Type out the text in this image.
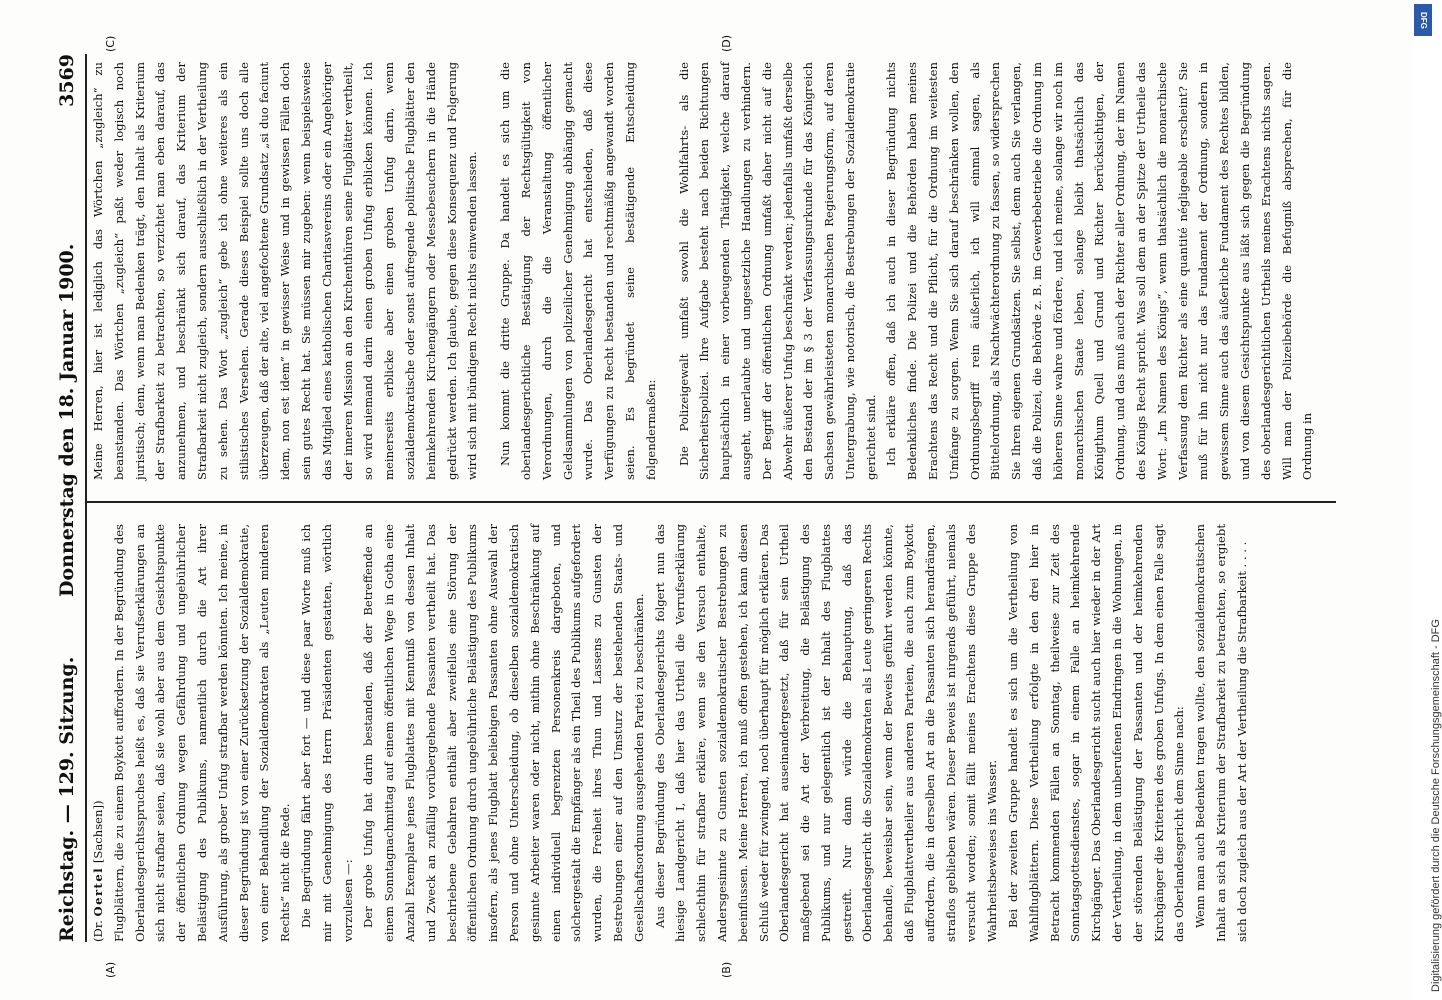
Reichstag. — 129. Sitzung.
Donnerstag den 18. Januar 1900.
3569
(A)	(B)
(C)	(D)

(Dr. Oertel [Sachsen]) Flugblättern, die zu einem Boykott auffordern. In der Begründung des Oberlandesgerichtsspruches heißt es, daß sie Verrufserklärungen an sich nicht strafbar seien, daß sie wohl aber aus dem Gesichtspunkte der öffentlichen Ordnung wegen Gefährdung und ungebührlicher Belästigung des Publikums, namentlich durch die Art ihrer Ausführung, als grober Unfug strafbar werden könnten. Ich meine, in dieser Begründung ist von einer Zurücksetzung der Sozialdemokratie, von einer Behandlung der Sozialdemokraten als „Leuten minderen Rechts“ nicht die Rede. Die Begründung fährt aber fort — und diese paar Worte muß ich mir mit Genehmigung des Herrn Präsidenten gestatten, wörtlich vorzulesen —: Der grobe Unfug hat darin bestanden, daß der Betreffende an einem Sonntagnachmittag auf einem öffentlichen Wege in Gotha eine Anzahl Exemplare jenes Flugblattes mit Kenntniß von dessen Inhalt und Zweck an zufällig vorübergehende Passanten vertheilt hat. Das beschriebene Gebahren enthält aber zweifellos eine Störung der öffentlichen Ordnung durch ungebührliche Belästigung des Publikums insofern, als jenes Flugblatt beliebigen Passanten ohne Auswahl der Person und ohne Unterscheidung, ob dieselben sozialdemokratisch gesinnte Arbeiter waren oder nicht, mithin ohne Beschränkung auf einen individuell begrenzten Personenkreis dargeboten, und solchergestalt die Empfänger als ein Theil des Publikums aufgefordert wurden, die Freiheit ihres Thun und Lassens zu Gunsten der Bestrebungen einer auf den Umsturz der bestehenden Staats- und Gesellschaftsordnung ausgehenden Partei zu beschränken. Aus dieser Begründung des Oberlandesgerichts folgert nun das hiesige Landgericht I, daß hier das Urtheil die Verrufserklärung schlechthin für strafbar erkläre, wenn sie den Versuch enthalte, Andersgesinnte zu Gunsten sozialdemokratischer Bestrebungen zu beeinflussen. Meine Herren, ich muß offen gestehen, ich kann diesen Schluß weder für zwingend, noch überhaupt für möglich erklären. Das Oberlandesgericht hat auseinandergesetzt, daß für sein Urtheil maßgebend sei die Art der Verbreitung, die Belästigung des Publikums, und nur gelegentlich ist der Inhalt des Flugblattes gestreift. Nur dann würde die Behauptung, daß das Oberlandesgericht die Sozialdemokraten als Leute geringeren Rechts behandle, beweisbar sein, wenn der Beweis geführt werden könnte, daß Flugblattvertheiler aus anderen Parteien, die auch zum Boykott auffordern, die in derselben Art an die Passanten sich herandrängen, straflos geblieben wären. Dieser Beweis ist nirgends geführt, niemals versucht worden; somit fällt meines Erachtens diese Gruppe des Wahrheitsbeweises ins Wasser. Bei der zweiten Gruppe handelt es sich um die Vertheilung von Wahlflugblättern. Diese Vertheilung erfolgte in den drei hier in Betracht kommenden Fällen an Sonntag, theilweise zur Zeit des Sonntagsgottesdienstes, sogar in einem Falle an heimkehrende Kirchgänger. Das Oberlandesgericht sucht auch hier wieder in der Art der Vertheilung, in dem unberufenen Eindringen in die Wohnungen, in der störenden Belästigung der Passanten und der heimkehrenden Kirchgänger die Kriterien des groben Unfugs. In dem einen Falle sagt das Oberlandesgericht dem Sinne nach: Wenn man auch Bedenken tragen wollte, den sozialdemokratischen Inhalt an sich als Kriterium der Strafbarkeit zu betrachten, so ergiebt sich doch zugleich aus der Art der Vertheilung die Strafbarkeit . . . .

Meine Herren, hier ist lediglich das Wörtchen „zugleich“ zu beanstanden. Das Wörtchen „zugleich“ paßt weder logisch noch juristisch; denn, wenn man Bedenken trägt, den Inhalt als Kriterium der Strafbarkeit zu betrachten, so verzichtet man eben darauf, das anzunehmen, und beschränkt sich darauf, das Kriterium der Strafbarkeit nicht zugleich, sondern ausschließlich in der Vertheilung zu sehen. Das Wort „zugleich“ gebe ich ohne weiteres als ein stilistisches Versehen. Gerade dieses Beispiel sollte uns doch alle überzeugen, daß der alte, viel angefochtene Grundsatz „si duo faciunt idem, non est idem“ in gewisser Weise und in gewissen Fällen doch sein gutes Recht hat. Sie müssen mir zugeben: wenn beispielsweise das Mitglied eines katholischen Charitasvereins oder ein Angehöriger der inneren Mission an den Kirchenthüren seine Flugblätter vertheilt, so wird niemand darin einen groben Unfug erblicken können. Ich meinerseits erblicke aber einen groben Unfug darin, wenn sozialdemokratische oder sonst aufregende politische Flugblätter den heimkehrenden Kirchengängern oder Messebesuchern in die Hände gedrückt werden. Ich glaube, gegen diese Konsequenz und Folgerung wird sich mit bündigem Recht nichts einwenden lassen.	Nun kommt die dritte Gruppe. Da handelt es sich um die oberlandesgerichtliche Bestätigung der Rechtsgültigkeit von Verordnungen, durch die die Veranstaltung öffentlicher Geldsammlungen von polizeilicher Genehmigung abhängig gemacht wurde. Das Oberlandesgericht hat entschieden, daß diese Verfügungen zu Recht bestanden und rechtmäßig angewandt worden seien. Es begründet seine bestätigende Entscheidung folgendermaßen:	Die Polizeigewalt umfaßt sowohl die Wohlfahrts- als die Sicherheitspolizei. Ihre Aufgabe besteht nach beiden Richtungen hauptsächlich in einer vorbeugenden Thätigkeit, welche darauf ausgeht, unerlaubte und ungesetzliche Handlungen zu verhindern. Der Begriff der öffentlichen Ordnung umfaßt daher nicht auf die Abwehr äußerer Unfug beschränkt werden; jedenfalls umfaßt derselbe den Bestand der im § 3 der Verfassungsurkunde für das Königreich Sachsen gewährleisteten monarchischen Regierungsform, auf deren Untergrabung, wie notorisch, die Bestrebungen der Sozialdemokratie gerichtet sind. Ich erkläre offen, daß ich auch in dieser Begründung nichts Bedenkliches finde. Die Polizei und die Behörden haben meines Erachtens das Recht und die Pflicht, für die Ordnung im weitesten Umfange zu sorgen. Wenn Sie sich darauf beschränken wollen, den Ordnungsbegriff rein äußerlich, ich will einmal sagen, als Büttelordnung, als Nachtwächterordnung zu fassen, so widersprechen Sie Ihren eigenen Grundsätzen. Sie selbst, denn auch Sie verlangen, daß die Polizei, die Behörde z. B. im Gewerbebetriebe die Ordnung im höheren Sinne wahre und fördere, und ich meine, solange wir noch im monarchischen Staate leben, solange bleibt thatsächlich das Königthum Quell und Grund und Richter berücksichtigen, der Ordnung, und das muß auch der Richter aller Ordnung, der im Namen des Königs Recht spricht. Was soll dem an der Spitze der Urtheile das Wort: „Im Namen des Königs“, wenn thatsächlich die monarchische Verfassung dem Richter als eine quantité négligeable erscheint? Sie muß für ihn nicht nur das Fundament der Ordnung, sondern in gewissem Sinne auch das äußerliche Fundament des Rechtes bilden, und von diesem Gesichtspunkte aus läßt sich gegen die Begründung des oberlandesgerichtlichen Urtheils meines Erachtens nichts sagen. Will man der Polizeibehörde die Befugniß absprechen, für die Ordnung in

DFG
Digitalisierung gefördert durch die Deutsche Forschungsgemeinschaft - DFG
